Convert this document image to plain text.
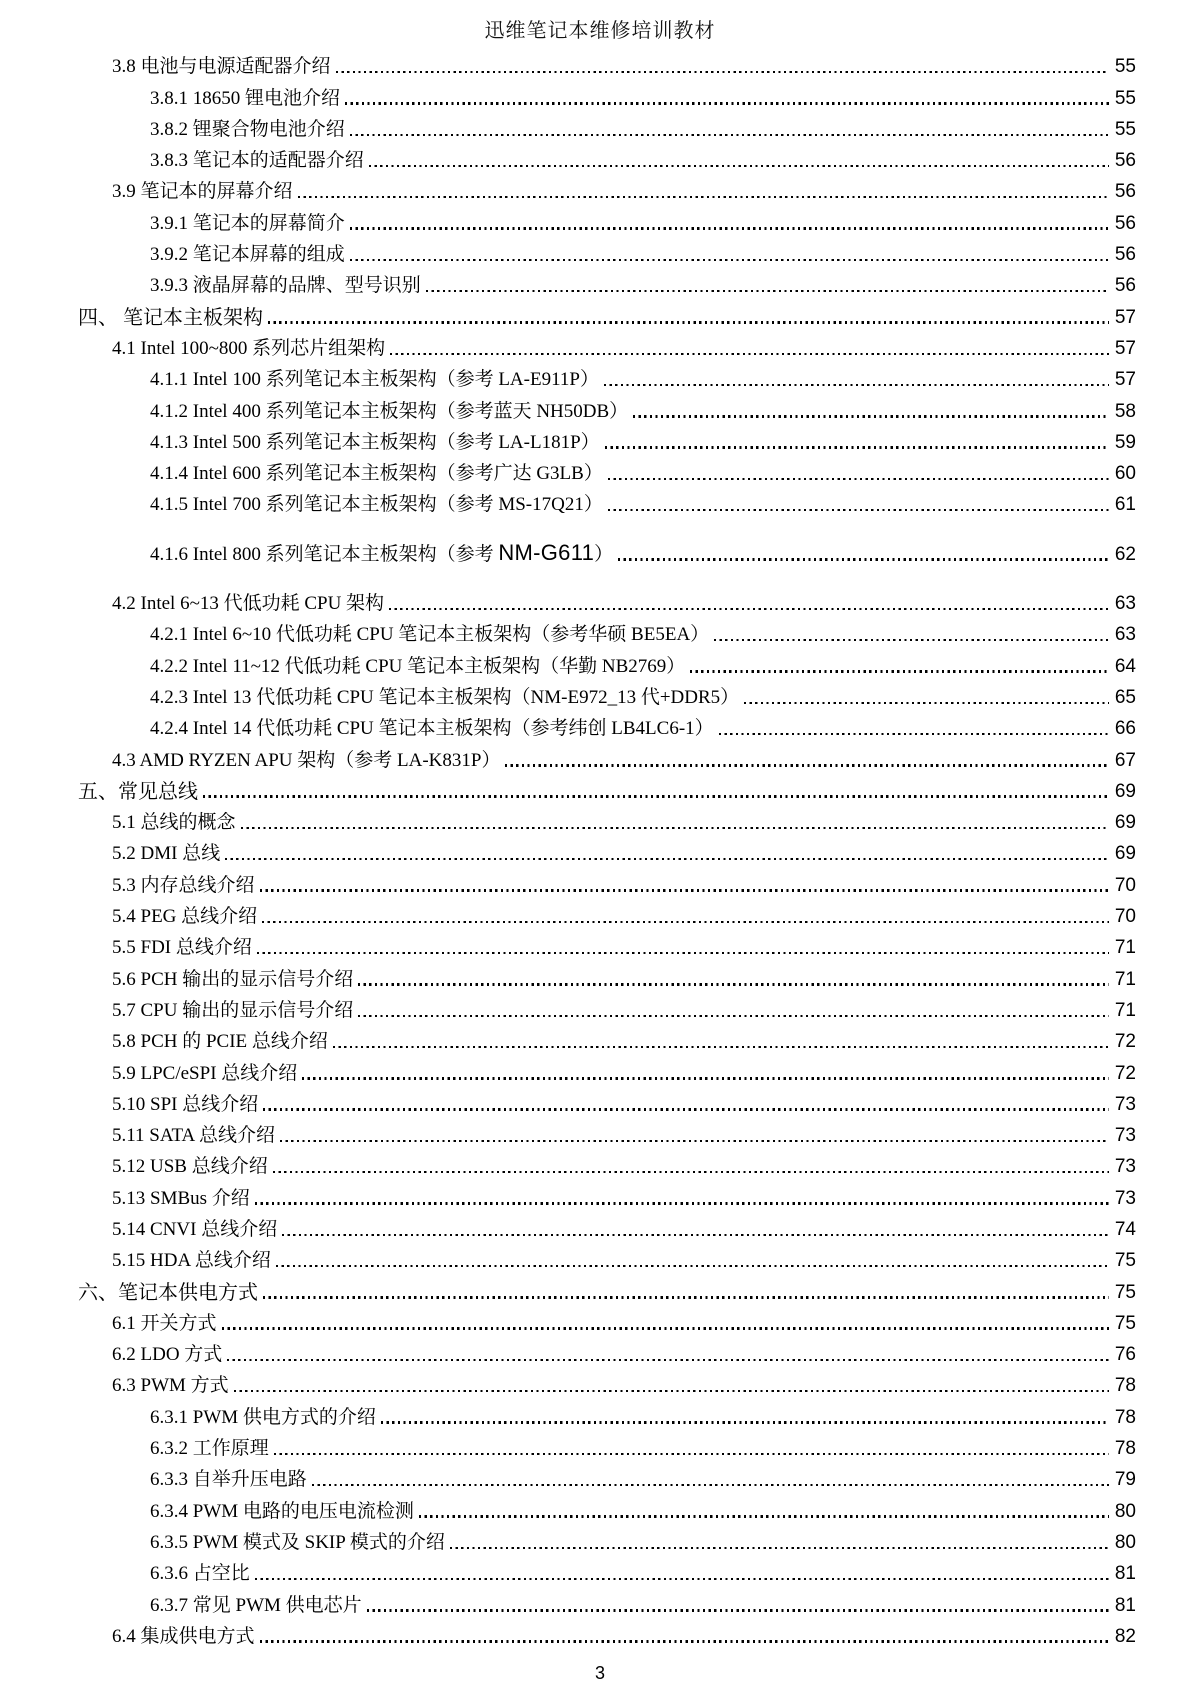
迅维笔记本维修培训教材
3.8 电池与电源适配器介绍	55
3.8.1 18650 锂电池介绍	55
3.8.2 锂聚合物电池介绍	55
3.8.3 笔记本的适配器介绍	56
3.9 笔记本的屏幕介绍	56
3.9.1 笔记本的屏幕简介	56
3.9.2 笔记本屏幕的组成	56
3.9.3 液晶屏幕的品牌、型号识别	56
四、 笔记本主板架构	57
4.1 Intel 100~800 系列芯片组架构	57
4.1.1 Intel 100 系列笔记本主板架构（参考 LA-E911P）	57
4.1.2 Intel 400 系列笔记本主板架构（参考蓝天 NH50DB）	58
4.1.3 Intel 500 系列笔记本主板架构（参考 LA-L181P）	59
4.1.4 Intel 600 系列笔记本主板架构（参考广达 G3LB）	60
4.1.5 Intel 700 系列笔记本主板架构（参考 MS-17Q21）	61
4.1.6 Intel 800 系列笔记本主板架构（参考 NM-G611）	62
4.2 Intel 6~13 代低功耗 CPU 架构	63
4.2.1 Intel 6~10 代低功耗 CPU 笔记本主板架构（参考华硕 BE5EA）	63
4.2.2 Intel 11~12 代低功耗 CPU 笔记本主板架构（华勤 NB2769）	64
4.2.3 Intel 13 代低功耗 CPU 笔记本主板架构（NM-E972_13 代+DDR5）	65
4.2.4 Intel 14 代低功耗 CPU 笔记本主板架构（参考纬创 LB4LC6-1）	66
4.3 AMD RYZEN APU 架构（参考 LA-K831P）	67
五、常见总线	69
5.1 总线的概念	69
5.2 DMI 总线	69
5.3 内存总线介绍	70
5.4 PEG 总线介绍	70
5.5 FDI 总线介绍	71
5.6 PCH 输出的显示信号介绍	71
5.7 CPU 输出的显示信号介绍	71
5.8 PCH 的 PCIE 总线介绍	72
5.9 LPC/eSPI 总线介绍	72
5.10 SPI 总线介绍	73
5.11 SATA 总线介绍	73
5.12 USB 总线介绍	73
5.13 SMBus 介绍	73
5.14 CNVI 总线介绍	74
5.15 HDA 总线介绍	75
六、笔记本供电方式	75
6.1 开关方式	75
6.2 LDO 方式	76
6.3 PWM 方式	78
6.3.1 PWM 供电方式的介绍	78
6.3.2 工作原理	78
6.3.3 自举升压电路	79
6.3.4 PWM 电路的电压电流检测	80
6.3.5 PWM 模式及 SKIP 模式的介绍	80
6.3.6 占空比	81
6.3.7 常见 PWM 供电芯片	81
6.4 集成供电方式	82
3
